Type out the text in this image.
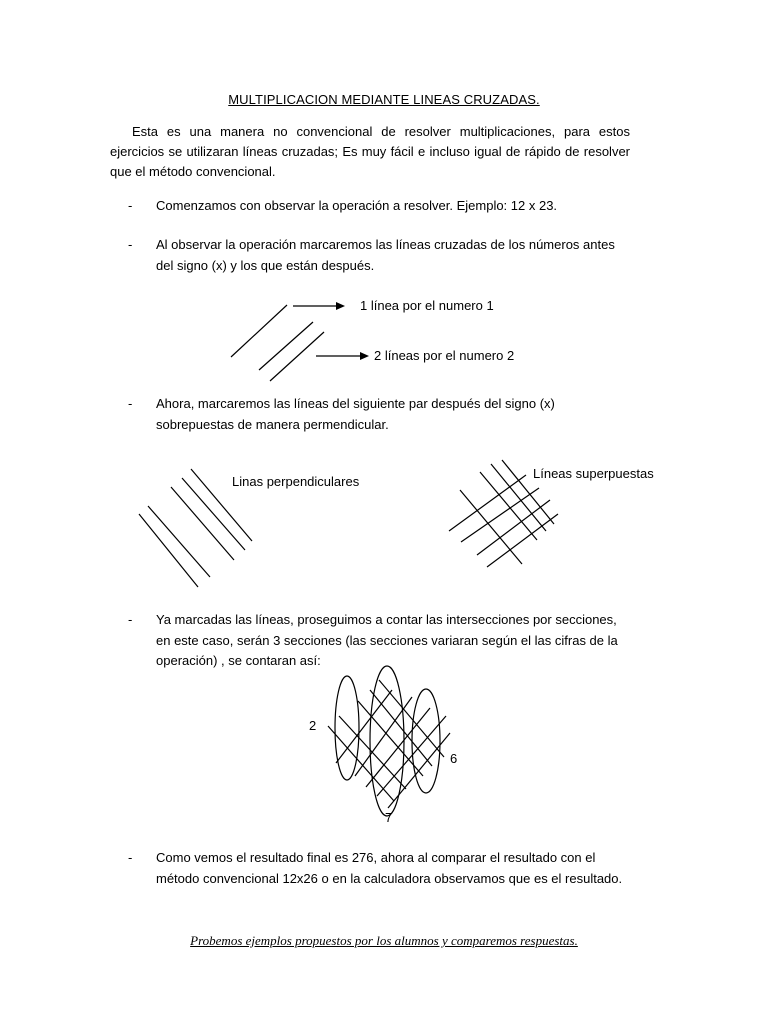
MULTIPLICACION MEDIANTE LINEAS CRUZADAS.
Esta es una manera no convencional de resolver multiplicaciones, para estos ejercicios se utilizaran líneas cruzadas; Es muy fácil e incluso igual de rápido de resolver que el método convencional.
- Comenzamos con observar la operación a resolver. Ejemplo: 12 x 23.
- Al observar la operación marcaremos las líneas cruzadas de los números antes del signo (x) y los que están después.
1 línea por el numero 1
2 líneas por el numero 2
- Ahora, marcaremos las líneas del siguiente par después del signo (x) sobrepuestas de manera permendicular.
Linas perpendiculares
Líneas superpuestas
- Ya marcadas las líneas, proseguimos a contar las intersecciones por secciones, en este caso, serán 3 secciones (las secciones variaran según el las cifras de la operación) , se contaran así:
2
6
7
- Como vemos el resultado final es 276, ahora al comparar el resultado con el método convencional 12x26 o en la calculadora observamos que es el resultado.
Probemos ejemplos propuestos por los alumnos y comparemos respuestas.
